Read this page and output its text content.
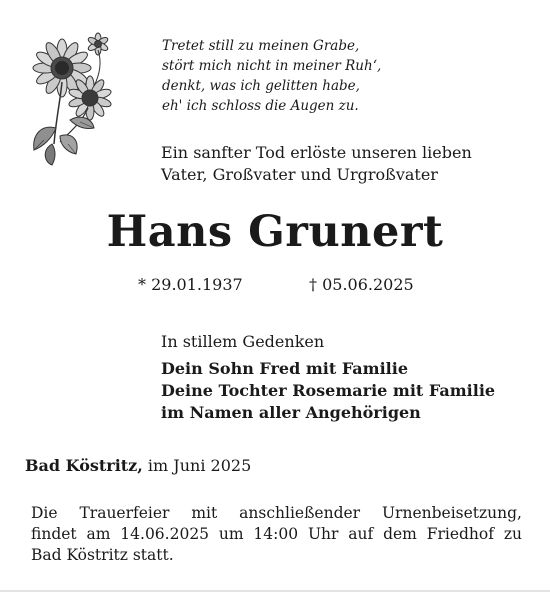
Tretet still zu meinen Grabe,
stört mich nicht in meiner Ruh‘,
denkt, was ich gelitten habe,
eh' ich schloss die Augen zu.
Ein sanfter Tod erlöste unseren lieben
Vater, Großvater und Urgroßvater
Hans Grunert
* 29.01.1937	† 05.06.2025
In stillem Gedenken
Dein Sohn Fred mit Familie
Deine Tochter Rosemarie mit Familie
im Namen aller Angehörigen
Bad Köstritz, im Juni 2025
Die Trauerfeier mit anschließender Urnenbeisetzung,
findet am 14.06.2025 um 14:00 Uhr auf dem Friedhof zu
Bad Köstritz statt.
